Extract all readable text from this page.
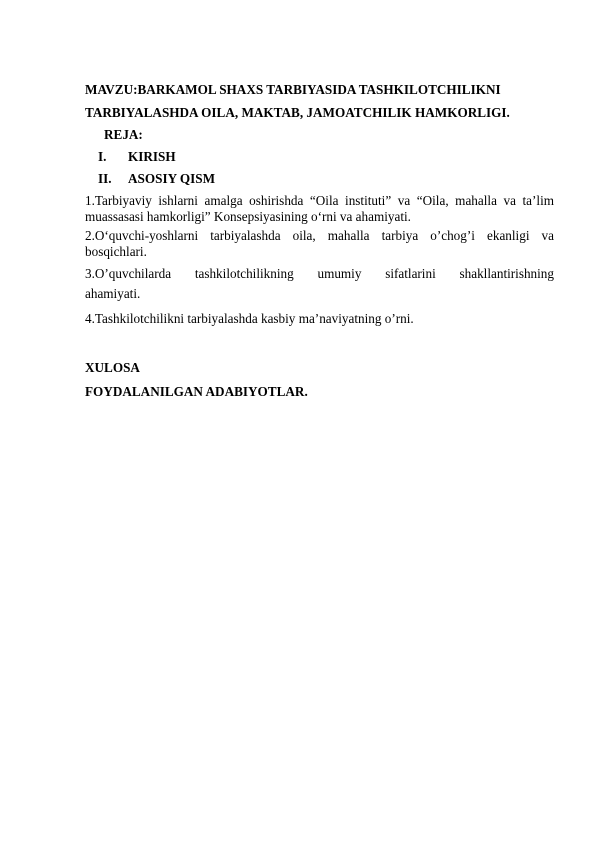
MAVZU:BARKAMOL SHAXS TARBIYASIDA TASHKILOTCHILIKNI
TARBIYALASHDA OILA, MAKTAB, JAMOATCHILIK HAMKORLIGI.
REJA:
I.	KIRISH
II.	ASOSIY QISM
1.Tarbiyaviy ishlarni amalga oshirishda “Oila instituti” va “Oila, mahalla va ta’lim muassasasi hamkorligi” Konsepsiyasining o‘rni va ahamiyati.
2.O‘quvchi-yoshlarni tarbiyalashda oila, mahalla tarbiya o’chog’i ekanligi va bosqichlari.
3.O’quvchilarda tashkilotchilikning umumiy sifatlarini shakllantirishning
ahamiyati.
4.Tashkilotchilikni tarbiyalashda kasbiy ma’naviyatning o’rni.
XULOSA
FOYDALANILGAN ADABIYOTLAR.
